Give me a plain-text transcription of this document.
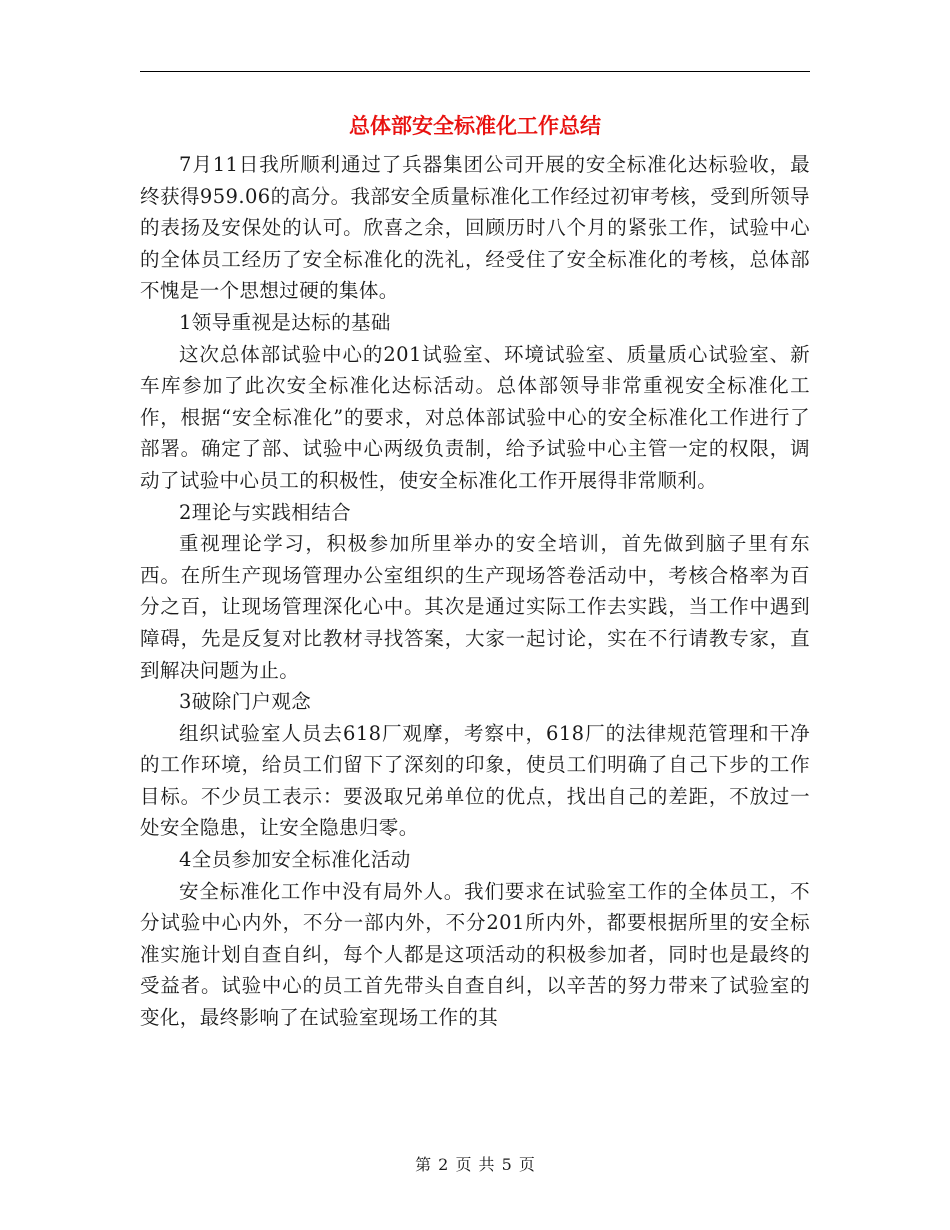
总体部安全标准化工作总结

7月11日我所顺利通过了兵器集团公司开展的安全标准化达标验收，最终获得959.06的高分。我部安全质量标准化工作经过初审考核，受到所领导的表扬及安保处的认可。欣喜之余，回顾历时八个月的紧张工作，试验中心的全体员工经历了安全标准化的洗礼，经受住了安全标准化的考核，总体部不愧是一个思想过硬的集体。

1领导重视是达标的基础

这次总体部试验中心的201试验室、环境试验室、质量质心试验室、新车库参加了此次安全标准化达标活动。总体部领导非常重视安全标准化工作，根据“安全标准化”的要求，对总体部试验中心的安全标准化工作进行了部署。确定了部、试验中心两级负责制，给予试验中心主管一定的权限，调动了试验中心员工的积极性，使安全标准化工作开展得非常顺利。

2理论与实践相结合

重视理论学习，积极参加所里举办的安全培训，首先做到脑子里有东西。在所生产现场管理办公室组织的生产现场答卷活动中，考核合格率为百分之百，让现场管理深化心中。其次是通过实际工作去实践，当工作中遇到障碍，先是反复对比教材寻找答案，大家一起讨论，实在不行请教专家，直到解决问题为止。

3破除门户观念

组织试验室人员去618厂观摩，考察中，618厂的法律规范管理和干净的工作环境，给员工们留下了深刻的印象，使员工们明确了自己下步的工作目标。不少员工表示：要汲取兄弟单位的优点，找出自己的差距，不放过一处安全隐患，让安全隐患归零。

4全员参加安全标准化活动

安全标准化工作中没有局外人。我们要求在试验室工作的全体员工，不分试验中心内外，不分一部内外，不分201所内外，都要根据所里的安全标准实施计划自查自纠，每个人都是这项活动的积极参加者，同时也是最终的受益者。试验中心的员工首先带头自查自纠，以辛苦的努力带来了试验室的变化，最终影响了在试验室现场工作的其

第 2 页 共 5 页
